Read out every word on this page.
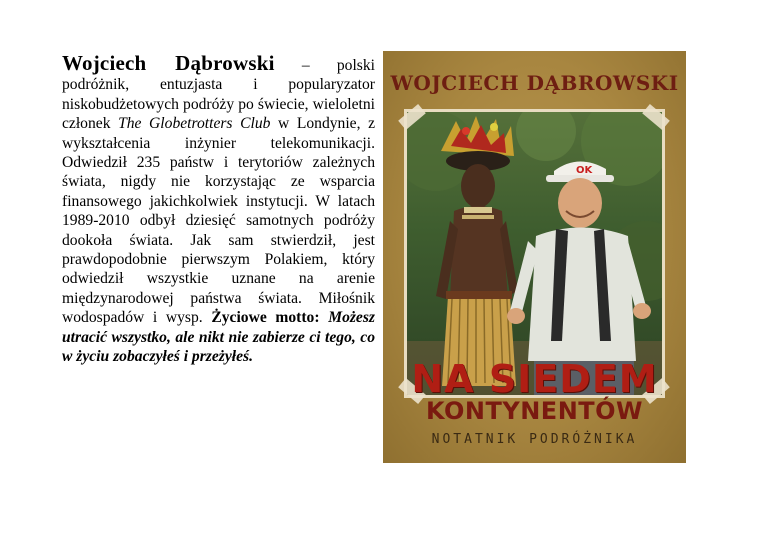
Wojciech Dąbrowski – polski podróżnik, entuzjasta i popularyzator niskobudżetowych podróży po świecie, wieloletni członek The Globetrotters Club w Londynie, z wykształcenia inżynier telekomunikacji. Odwiedził 235 państw i terytoriów zależnych świata, nigdy nie korzystając ze wsparcia finansowego jakichkolwiek instytucji. W latach 1989-2010 odbył dziesięć samotnych podróży dookoła świata. Jak sam stwierdził, jest prawdopodobnie pierwszym Polakiem, który odwiedził wszystkie uznane na arenie międzynarodowej państwa świata. Miłośnik wodospadów i wysp. Życiowe motto: Możesz utracić wszystko, ale nikt nie zabierze ci tego, co w życiu zobaczyłeś i przeżyłeś.
WOJCIECH DĄBROWSKI
OK
NA SIEDEM
KONTYNENTÓW
NOTATNIK PODRÓŻNIKA
